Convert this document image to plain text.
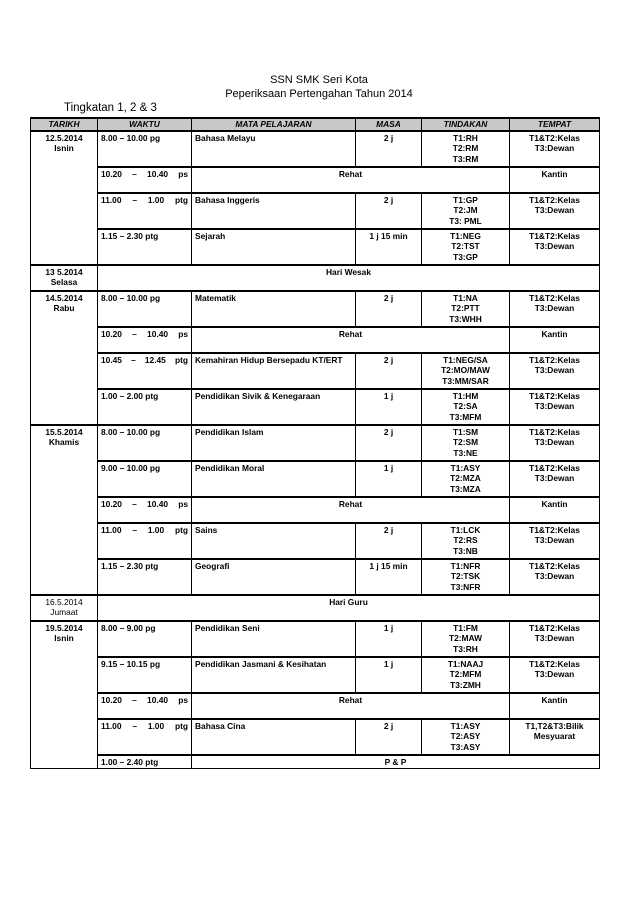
SSN SMK Seri Kota
Peperiksaan Pertengahan Tahun 2014
Tingkatan 1, 2 & 3
TARIKH	WAKTU	MATA PELAJARAN	MASA	TINDAKAN	TEMPAT

12.5.2014
Isnin	8.00 – 10.00 pg	Bahasa Melayu	2 j	T1:RH
T2:RM
T3:RM	T1&T2:Kelas
T3:Dewan

	10.20 – 10.40 ps	Rehat			Kantin
	11.00 – 1.00 ptg	Bahasa Inggeris	2 j	T1:GP
T2:JM
T3: PML	T1&T2:Kelas
T3:Dewan

	1.15 – 2.30 ptg	Sejarah	1 j 15 min	T1:NEG
T2:TST
T3:GP	T1&T2:Kelas
T3:Dewan

13 5.2014
Selasa	Hari Wesak				

14.5.2014
Rabu	8.00 – 10.00 pg	Matematik	2 j	T1:NA
T2:PTT
T3:WHH	T1&T2:Kelas
T3:Dewan

	10.20 – 10.40 ps	Rehat			Kantin
	10.45 – 12.45 ptg	Kemahiran Hidup Bersepadu KT/ERT	2 j	T1:NEG/SA
T2:MO/MAW
T3:MM/SAR	T1&T2:Kelas
T3:Dewan

	1.00 – 2.00 ptg	Pendidikan Sivik & Kenegaraan	1 j	T1:HM
T2:SA
T3:MFM	T1&T2:Kelas
T3:Dewan

15.5.2014
Khamis	8.00 – 10.00 pg	Pendidikan Islam	2 j	T1:SM
T2:SM
T3:NE	T1&T2:Kelas
T3:Dewan

	9.00 – 10.00 pg	Pendidikan Moral	1 j	T1:ASY
T2:MZA
T3:MZA	T1&T2:Kelas
T3:Dewan

	10.20 – 10.40 ps	Rehat			Kantin
	11.00 – 1.00 ptg	Sains	2 j	T1:LCK
T2:RS
T3:NB	T1&T2:Kelas
T3:Dewan

	1.15 – 2.30 ptg	Geografi	1 j 15 min	T1:NFR
T2:TSK
T3:NFR	T1&T2:Kelas
T3:Dewan

16.5.2014
Jumaat	Hari Guru				

19.5.2014
Isnin	8.00 – 9.00 pg	Pendidikan Seni	1 j	T1:FM
T2:MAW
T3:RH	T1&T2:Kelas
T3:Dewan

	9.15 – 10.15 pg	Pendidikan Jasmani & Kesihatan	1 j	T1:NAAJ
T2:MFM
T3:ZMH	T1&T2:Kelas
T3:Dewan

	10.20 – 10.40 ps	Rehat			Kantin
	11.00 – 1.00 ptg	Bahasa Cina	2 j	T1:ASY
T2:ASY
T3:ASY	T1,T2&T3:Bilik
Mesyuarat

	1.00 – 2.40 ptg	P & P			
